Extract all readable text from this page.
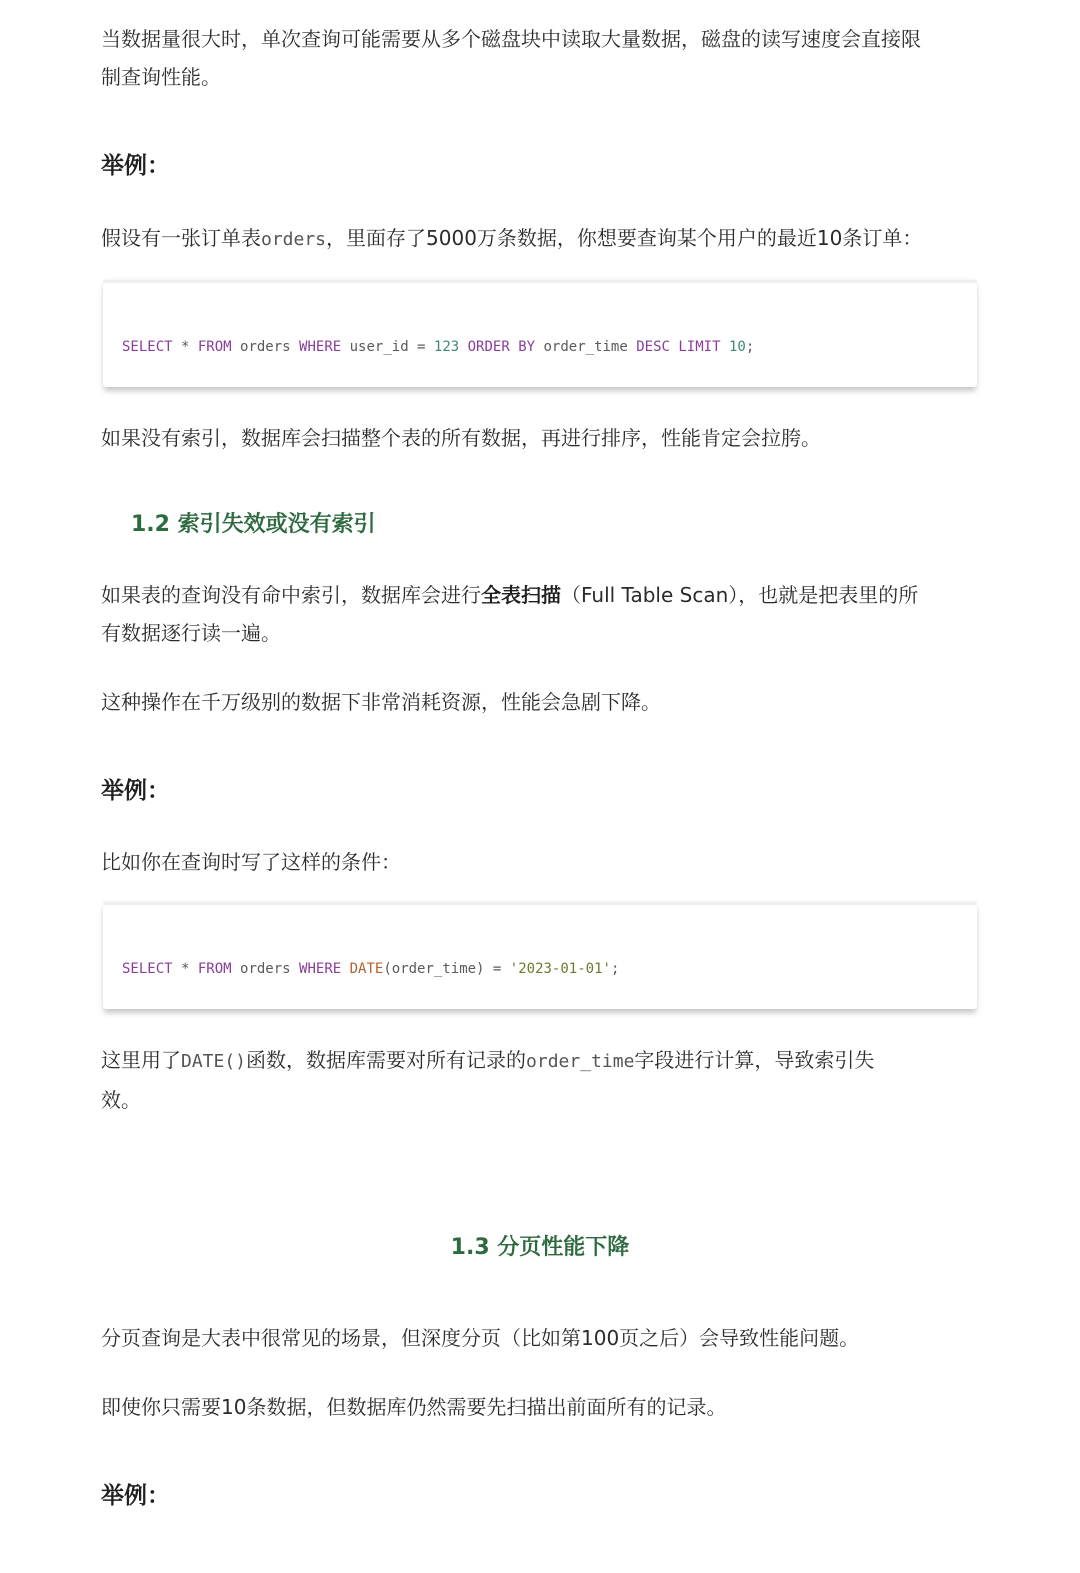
当数据量很大时，单次查询可能需要从多个磁盘块中读取大量数据，磁盘的读写速度会直接限
制查询性能。

举例：

假设有一张订单表orders，里面存了5000万条数据，你想要查询某个用户的最近10条订单：

SELECT * FROM orders WHERE user_id = 123 ORDER BY order_time DESC LIMIT 10;

如果没有索引，数据库会扫描整个表的所有数据，再进行排序，性能肯定会拉胯。

1.2 索引失效或没有索引

如果表的查询没有命中索引，数据库会进行全表扫描（Full Table Scan），也就是把表里的所
有数据逐行读一遍。

这种操作在千万级别的数据下非常消耗资源，性能会急剧下降。

举例：

比如你在查询时写了这样的条件：

SELECT * FROM orders WHERE DATE(order_time) = '2023-01-01';

这里用了DATE()函数，数据库需要对所有记录的order_time字段进行计算，导致索引失
效。

1.3 分页性能下降

分页查询是大表中很常见的场景，但深度分页（比如第100页之后）会导致性能问题。

即使你只需要10条数据，但数据库仍然需要先扫描出前面所有的记录。

举例：
